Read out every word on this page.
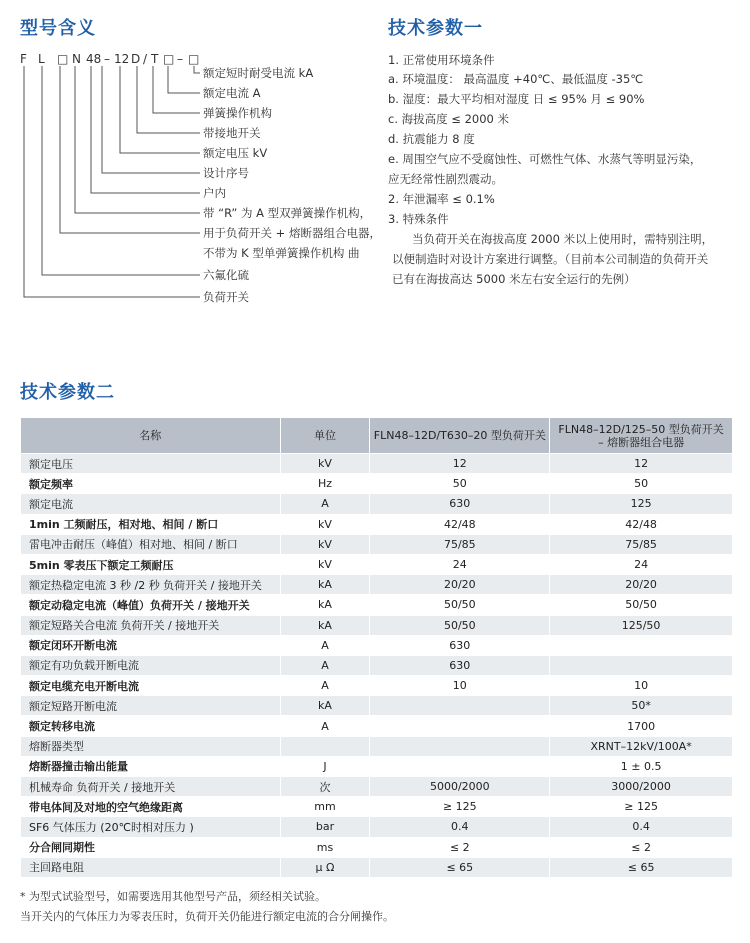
型号含义
F L □ N 48 – 12 D / T □ – □
额定短时耐受电流 kA
额定电流 A
弹簧操作机构
带接地开关
额定电压 kV
设计序号
户内
带 “R” 为 A 型双弹簧操作机构，
用于负荷开关 + 熔断器组合电器，
不带为 K 型单弹簧操作机构 曲
六氟化硫
负荷开关
技术参数一
1. 正常使用环境条件
a. 环境温度： 最高温度 +40℃、最低温度 -35℃
b. 湿度：最大平均相对湿度 日 ≤ 95% 月 ≤ 90%
c. 海拔高度 ≤ 2000 米
d. 抗震能力 8 度
e. 周围空气应不受腐蚀性、可燃性气体、水蒸气等明显污染，
应无经常性剧烈震动。
2. 年泄漏率 ≤ 0.1%
3. 特殊条件
当负荷开关在海拔高度 2000 米以上使用时，需特别注明，
以便制造时对设计方案进行调整。（目前本公司制造的负荷开关
已有在海拔高达 5000 米左右安全运行的先例）
技术参数二
名称	单位	FLN48–12D/T630–20 型负荷开关	FLN48–12D/125–50 型负荷开关
– 熔断器组合电器
额定电压	kV	12	12
额定频率	Hz	50	50
额定电流	A	630	125
1min 工频耐压，相对地、相间 / 断口	kV	42/48	42/48
雷电冲击耐压（峰值）相对地、相间 / 断口	kV	75/85	75/85
5min 零表压下额定工频耐压	kV	24	24
额定热稳定电流 3 秒 /2 秒 负荷开关 / 接地开关	kA	20/20	20/20
额定动稳定电流（峰值）负荷开关 / 接地开关	kA	50/50	50/50
额定短路关合电流 负荷开关 / 接地开关	kA	50/50	125/50
额定闭环开断电流	A	630	
额定有功负载开断电流	A	630	
额定电缆充电开断电流	A	10	10
额定短路开断电流	kA		50*
额定转移电流	A		1700
熔断器类型			XRNT–12kV/100A*
熔断器撞击输出能量	J		1 ± 0.5
机械寿命 负荷开关 / 接地开关	次	5000/2000	3000/2000
带电体间及对地的空气绝缘距离	mm	≥ 125	≥ 125
SF6 气体压力 (20℃时相对压力 )	bar	0.4	0.4
分合闸同期性	ms	≤ 2	≤ 2
主回路电阻	μ Ω	≤ 65	≤ 65
* 为型式试验型号，如需要选用其他型号产品，须经相关试验。
当开关内的气体压力为零表压时，负荷开关仍能进行额定电流的合分闸操作。
